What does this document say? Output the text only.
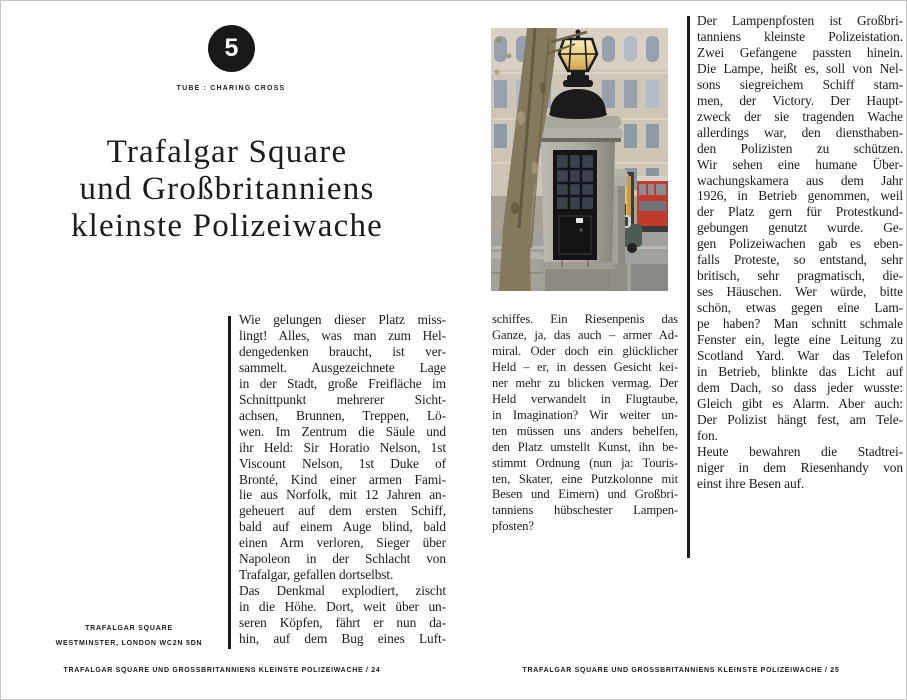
5
TUBE : CHARING CROSS
Trafalgar Square
und Großbritanniens
kleinste Polizeiwache
Wie gelungen dieser Platz miss-
lingt! Alles, was man zum Hel-
dengedenken braucht, ist ver-
sammelt. Ausgezeichnete Lage
in der Stadt, große Freifläche im
Schnittpunkt mehrerer Sicht-
achsen, Brunnen, Treppen, Lö-
wen. Im Zentrum die Säule und
ihr Held: Sir Horatio Nelson, 1st
Viscount Nelson, 1st Duke of
Bronté, Kind einer armen Fami-
lie aus Norfolk, mit 12 Jahren an-
geheuert auf dem ersten Schiff,
bald auf einem Auge blind, bald
einen Arm verloren, Sieger über
Napoleon in der Schlacht von
Trafalgar, gefallen dortselbst.
Das Denkmal explodiert, zischt
in die Höhe. Dort, weit über un-
seren Köpfen, fährt er nun da-
hin, auf dem Bug eines Luft-
TRAFALGAR SQUARE
WESTMINSTER, LONDON WC2N 5DN
TRAFALGAR SQUARE UND GROSSBRITANNIENS KLEINSTE POLIZEIWACHE / 24
schiffes. Ein Riesenpenis das
Ganze, ja, das auch – armer Ad-
miral. Oder doch ein glücklicher
Held – er, in dessen Gesicht kei-
ner mehr zu blicken vermag. Der
Held verwandelt in Flugtaube,
in Imagination? Wir weiter un-
ten müssen uns anders behelfen,
den Platz umstellt Kunst, ihn be-
stimmt Ordnung (nun ja: Touris-
ten, Skater, eine Putzkolonne mit
Besen und Eimern) und Großbri-
tanniens hübschester Lampen-
pfosten?
Der Lampenpfosten ist Großbri-
tanniens kleinste Polizeistation.
Zwei Gefangene passten hinein.
Die Lampe, heißt es, soll von Nel-
sons siegreichem Schiff stam-
men, der Victory. Der Haupt-
zweck der sie tragenden Wache
allerdings war, den diensthaben-
den Polizisten zu schützen.
Wir sehen eine humane Über-
wachungskamera aus dem Jahr
1926, in Betrieb genommen, weil
der Platz gern für Protestkund-
gebungen genutzt wurde. Ge-
gen Polizeiwachen gab es eben-
falls Proteste, so entstand, sehr
britisch, sehr pragmatisch, die-
ses Häuschen. Wer würde, bitte
schön, etwas gegen eine Lam-
pe haben? Man schnitt schmale
Fenster ein, legte eine Leitung zu
Scotland Yard. War das Telefon
in Betrieb, blinkte das Licht auf
dem Dach, so dass jeder wusste:
Gleich gibt es Alarm. Aber auch:
Der Polizist hängt fest, am Tele-
fon.
Heute bewahren die Stadtrei-
niger in dem Riesenhandy von
einst ihre Besen auf.
TRAFALGAR SQUARE UND GROSSBRITANNIENS KLEINSTE POLIZEIWACHE / 25
